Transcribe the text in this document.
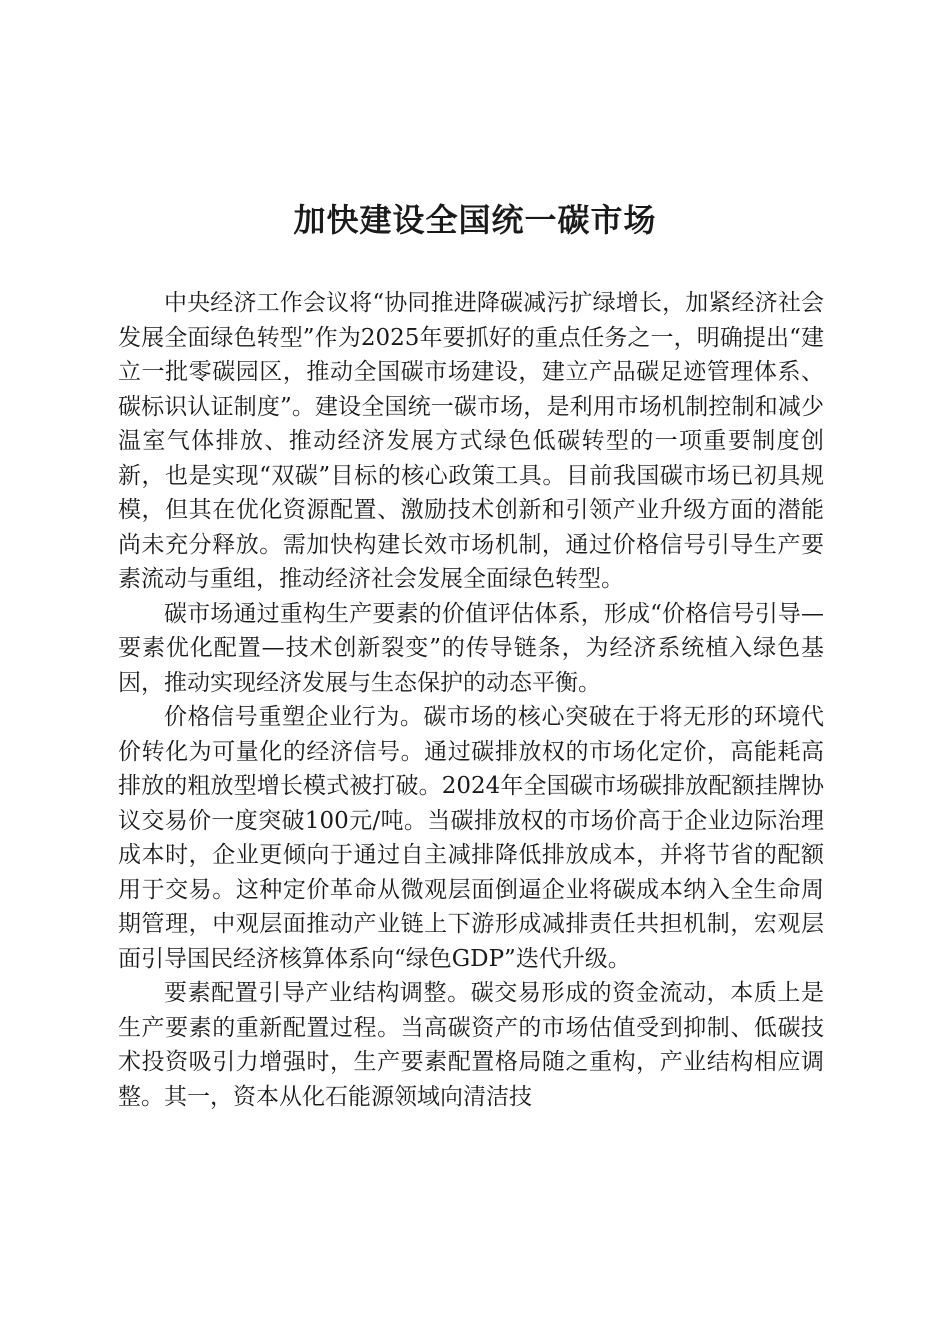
加快建设全国统一碳市场

中央经济工作会议将“协同推进降碳减污扩绿增长，加紧经济社会发展全面绿色转型”作为2025年要抓好的重点任务之一，明确提出“建立一批零碳园区，推动全国碳市场建设，建立产品碳足迹管理体系、碳标识认证制度”。建设全国统一碳市场，是利用市场机制控制和减少温室气体排放、推动经济发展方式绿色低碳转型的一项重要制度创新，也是实现“双碳”目标的核心政策工具。目前我国碳市场已初具规模，但其在优化资源配置、激励技术创新和引领产业升级方面的潜能尚未充分释放。需加快构建长效市场机制，通过价格信号引导生产要素流动与重组，推动经济社会发展全面绿色转型。

碳市场通过重构生产要素的价值评估体系，形成“价格信号引导—要素优化配置—技术创新裂变”的传导链条，为经济系统植入绿色基因，推动实现经济发展与生态保护的动态平衡。

价格信号重塑企业行为。碳市场的核心突破在于将无形的环境代价转化为可量化的经济信号。通过碳排放权的市场化定价，高能耗高排放的粗放型增长模式被打破。2024年全国碳市场碳排放配额挂牌协议交易价一度突破100元/吨。当碳排放权的市场价高于企业边际治理成本时，企业更倾向于通过自主减排降低排放成本，并将节省的配额用于交易。这种定价革命从微观层面倒逼企业将碳成本纳入全生命周期管理，中观层面推动产业链上下游形成减排责任共担机制，宏观层面引导国民经济核算体系向“绿色GDP”迭代升级。

要素配置引导产业结构调整。碳交易形成的资金流动，本质上是生产要素的重新配置过程。当高碳资产的市场估值受到抑制、低碳技术投资吸引力增强时，生产要素配置格局随之重构，产业结构相应调整。其一，资本从化石能源领域向清洁技
